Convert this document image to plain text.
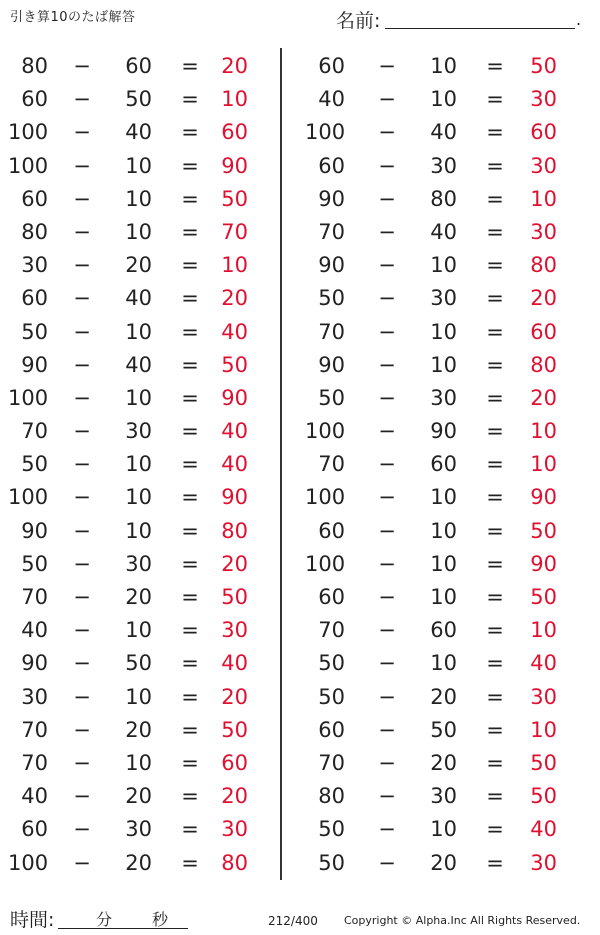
引き算10のたば解答	名前:	.
80 −	60 =	20
60 −	50 =	10
100 −	40 =	60
100 −	10 =	90
60 −	10 =	50
80 −	10 =	70
30 −	20 =	10
60 −	40 =	20
50 −	10 =	40
90 −	40 =	50
100 −	10 =	90
70 −	30 =	40
50 −	10 =	40
100 −	10 =	90
90 −	10 =	80
50 −	30 =	20
70 −	20 =	50
40 −	10 =	30
90 −	50 =	40
30 −	10 =	20
70 −	20 =	50
70 −	10 =	60
40 −	20 =	20
60 −	30 =	30
100 −	20 =	80
60 −	10 =	50
40 −	10 =	30
100 −	40 =	60
60 −	30 =	30
90 −	80 =	10
70 −	40 =	30
90 −	10 =	80
50 −	30 =	20
70 −	10 =	60
90 −	10 =	80
50 −	30 =	20
100 −	90 =	10
70 −	60 =	10
100 −	10 =	90
60 −	10 =	50
100 −	10 =	90
60 −	10 =	50
70 −	60 =	10
50 −	10 =	40
50 −	20 =	30
60 −	50 =	10
70 −	20 =	50
80 −	30 =	50
50 −	10 =	40
50 −	20 =	30
時間:	分 秒	212/400 Copyright © Alpha.Inc All Rights Reserved.
